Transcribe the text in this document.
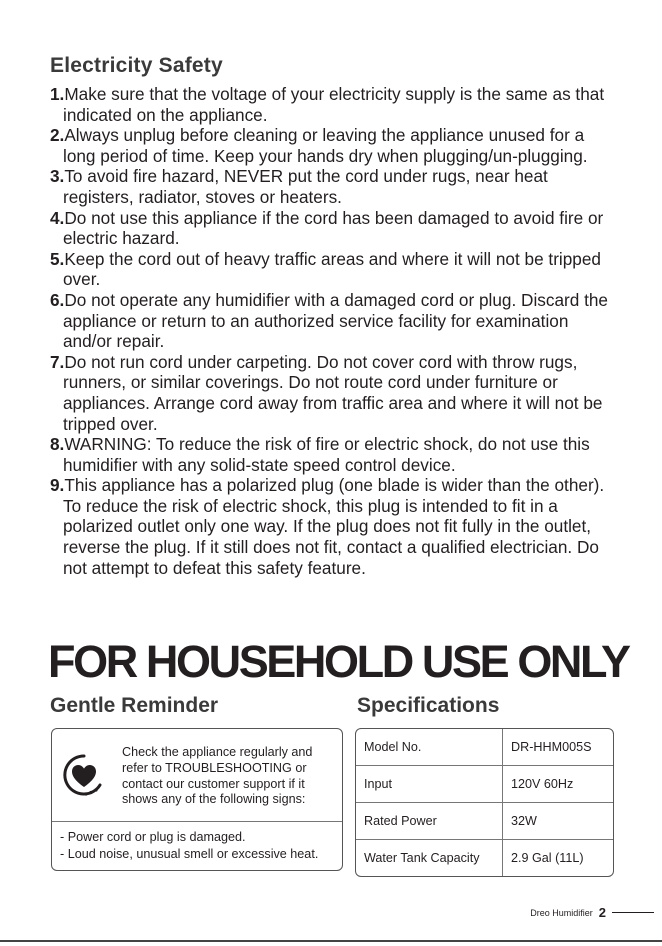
Electricity Safety
1.Make sure that the voltage of your electricity supply is the same as that indicated on the appliance.
2.Always unplug before cleaning or leaving the appliance unused for a long period of time. Keep your hands dry when plugging/un-plugging.
3.To avoid fire hazard, NEVER put the cord under rugs, near heat registers, radiator, stoves or heaters.
4.Do not use this appliance if the cord has been damaged to avoid fire or electric hazard.
5.Keep the cord out of heavy traffic areas and where it will not be tripped over.
6.Do not operate any humidifier with a damaged cord or plug. Discard the appliance or return to an authorized service facility for examination and/or repair.
7.Do not run cord under carpeting. Do not cover cord with throw rugs, runners, or similar coverings. Do not route cord under furniture or appliances. Arrange cord away from traffic area and where it will not be tripped over.
8.WARNING: To reduce the risk of fire or electric shock, do not use this humidifier with any solid-state speed control device.
9.This appliance has a polarized plug (one blade is wider than the other). To reduce the risk of electric shock, this plug is intended to fit in a polarized outlet only one way. If the plug does not fit fully in the outlet, reverse the plug. If it still does not fit, contact a qualified electrician. Do not attempt to defeat this safety feature.
FOR HOUSEHOLD USE ONLY
Gentle Reminder	Specifications

Check the appliance regularly and refer to TROUBLESHOOTING or contact our customer support if it shows any of the following signs:

- Power cord or plug is damaged.
- Loud noise, unusual smell or excessive heat.
Model No.	DR-HHM005S
Input	120V 60Hz
Rated Power	32W
Water Tank Capacity	2.9 Gal (11L)
Dreo Humidifier 2
